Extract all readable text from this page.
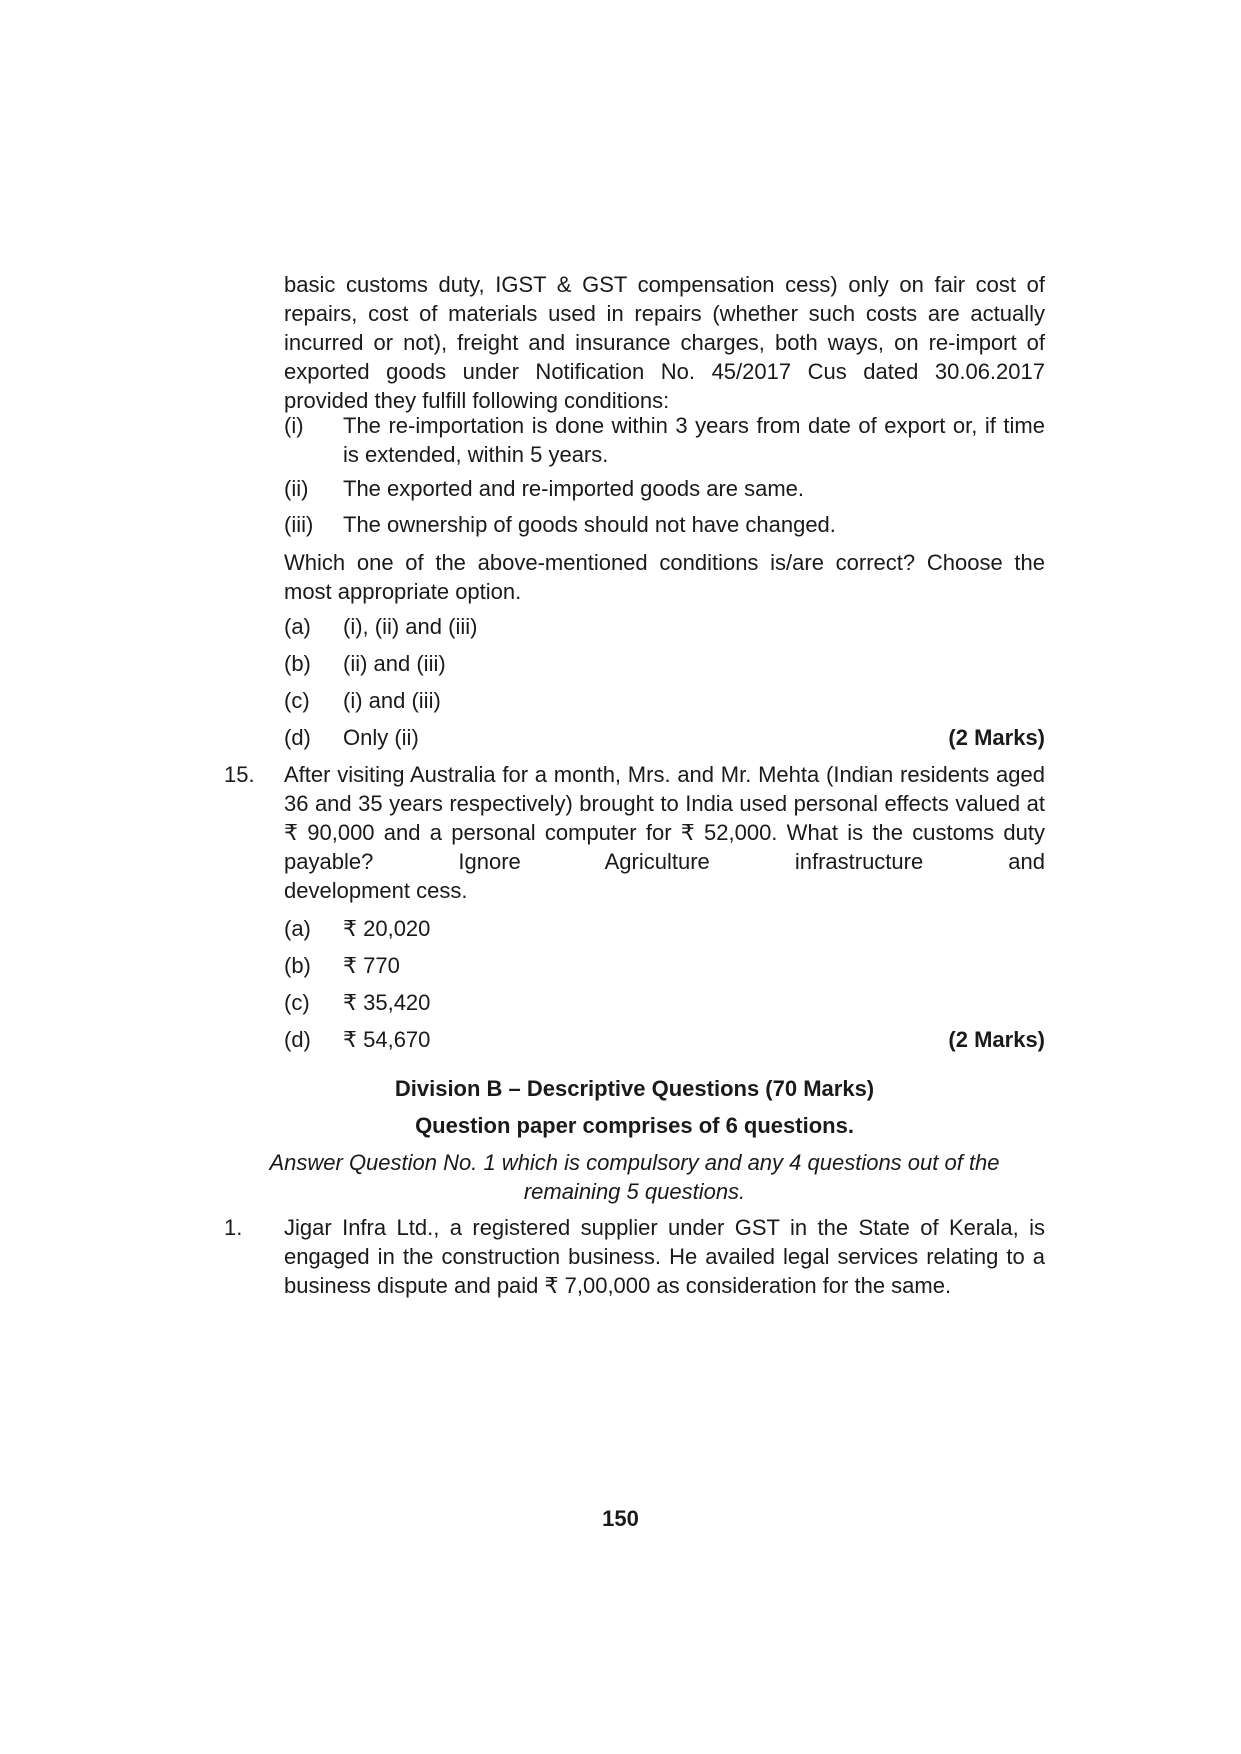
basic customs duty, IGST & GST compensation cess) only on fair cost of repairs, cost of materials used in repairs (whether such costs are actually incurred or not), freight and insurance charges, both ways, on re-import of exported goods under Notification No. 45/2017 Cus dated 30.06.2017 provided they fulfill following conditions:

(i) The re-importation is done within 3 years from date of export or, if time is extended, within 5 years.
(ii) The exported and re-imported goods are same.
(iii) The ownership of goods should not have changed.

Which one of the above-mentioned conditions is/are correct? Choose the most appropriate option.

(a) (i), (ii) and (iii)
(b) (ii) and (iii)
(c) (i) and (iii)
(d) Only (ii)	(2 Marks)
15. After visiting Australia for a month, Mrs. and Mr. Mehta (Indian residents aged 36 and 35 years respectively) brought to India used personal effects valued at ₹ 90,000 and a personal computer for ₹ 52,000. What is the customs duty payable? Ignore Agriculture infrastructure and

development cess.

(a) ₹ 20,020
(b) ₹ 770
(c) ₹ 35,420
(d) ₹ 54,670	(2 Marks)

Division B – Descriptive Questions (70 Marks)

Question paper comprises of 6 questions.

Answer Question No. 1 which is compulsory and any 4 questions out of the remaining 5 questions.

1. Jigar Infra Ltd., a registered supplier under GST in the State of Kerala, is engaged in the construction business. He availed legal services relating to a business dispute and paid ₹ 7,00,000 as consideration for the same.

150
